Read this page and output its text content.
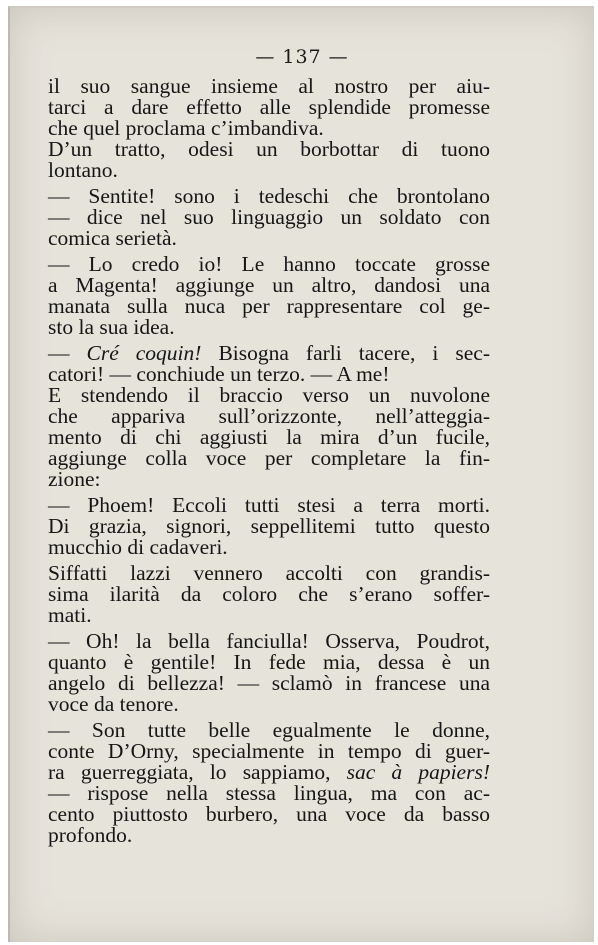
— 137 —
il suo sangue insieme al nostro per aiu-
tarci a dare effetto alle splendide promesse
che quel proclama c’imbandiva.
D’un tratto, odesi un borbottar di tuono
lontano.
— Sentite! sono i tedeschi che brontolano
— dice nel suo linguaggio un soldato con
comica serietà.
— Lo credo io! Le hanno toccate grosse
a Magenta! aggiunge un altro, dandosi una
manata sulla nuca per rappresentare col ge-
sto la sua idea.
— Cré coquin! Bisogna farli tacere, i sec-
catori! — conchiude un terzo. — A me!
E stendendo il braccio verso un nuvolone
che appariva sull’orizzonte, nell’atteggia-
mento di chi aggiusti la mira d’un fucile,
aggiunge colla voce per completare la fin-
zione:
— Phoem! Eccoli tutti stesi a terra morti.
Di grazia, signori, seppellitemi tutto questo
mucchio di cadaveri.
Siffatti lazzi vennero accolti con grandis-
sima ilarità da coloro che s’erano soffer-
mati.
— Oh! la bella fanciulla! Osserva, Poudrot,
quanto è gentile! In fede mia, dessa è un
angelo di bellezza! — sclamò in francese una
voce da tenore.
— Son tutte belle egualmente le donne,
conte D’Orny, specialmente in tempo di guer-
ra guerreggiata, lo sappiamo, sac à papiers!
— rispose nella stessa lingua, ma con ac-
cento piuttosto burbero, una voce da basso
profondo.
